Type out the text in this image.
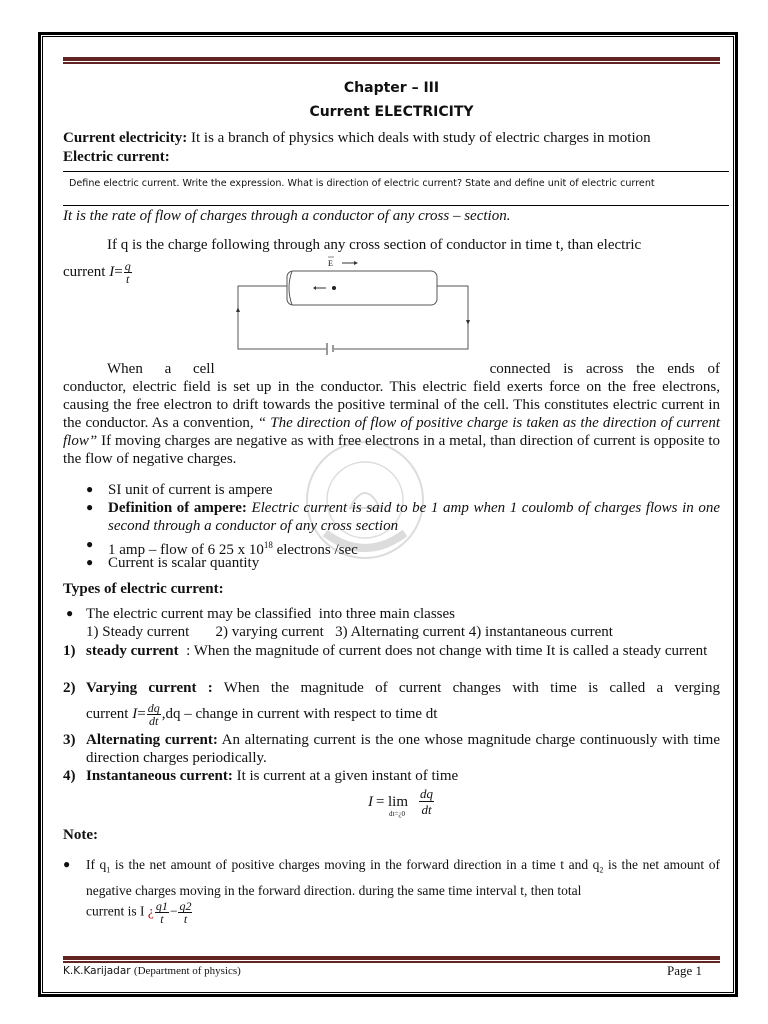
Chapter – III
Current ELECTRICITY
Current electricity: It is a branch of physics which deals with study of electric charges in motion
Electric current:
Define electric current. Write the expression. What is direction of electric current? State and define unit of electric current
It is the rate of flow of charges through a conductor of any cross – section.
If q is the charge following through any cross section of conductor in time t, than electric
current $I= \frac{q}{t}$	E
When a cell	connected is across the ends of
conductor, electric field is set up in the conductor. This electric field exerts force on the free electrons, causing the free electron to drift towards the positive terminal of the cell. This constitutes electric current in the conductor. As a convention, “ The direction of flow of positive charge is taken as the direction of current flow” If moving charges are negative as with free electrons in a metal, than direction of current is opposite to the flow of negative charges.
● SI unit of current is ampere
● Definition of ampere: Electric current is said to be 1 amp when 1 coulomb of charges flows in one second through a conductor of any cross section
● 1 amp – flow of 6 25 x $10^{18}$ electrons /sec
● Current is scalar quantity
Types of electric current:
● The electric current may be classified  into three main classes
1) Steady current       2) varying current   3) Alternating current 4) instantaneous current
1) steady current  : When the magnitude of current does not change with time It is called a steady current
2) Varying current : When the magnitude of current changes with time is called a verging
current $I= \frac{dq}{dt} ,dq$ – change in current with respect to time dt
3) Alternating current: An alternating current is the one whose magnitude charge continuously with time direction charges periodically.
4) Instantaneous current: It is current at a given instant of time
I = lim
dt=¿0 $\frac{dq}{dt}$
Note:
● If $q_1$ is the net amount of positive charges moving in the forward direction in a time t and $q_2$ is the net amount of negative charges moving in the forward direction. during the same time interval t, then total
current is I ¿ $\frac{q1}{t} - \frac{q2}{t}$
K.K.Karijadar (Department of physics)	Page 1
